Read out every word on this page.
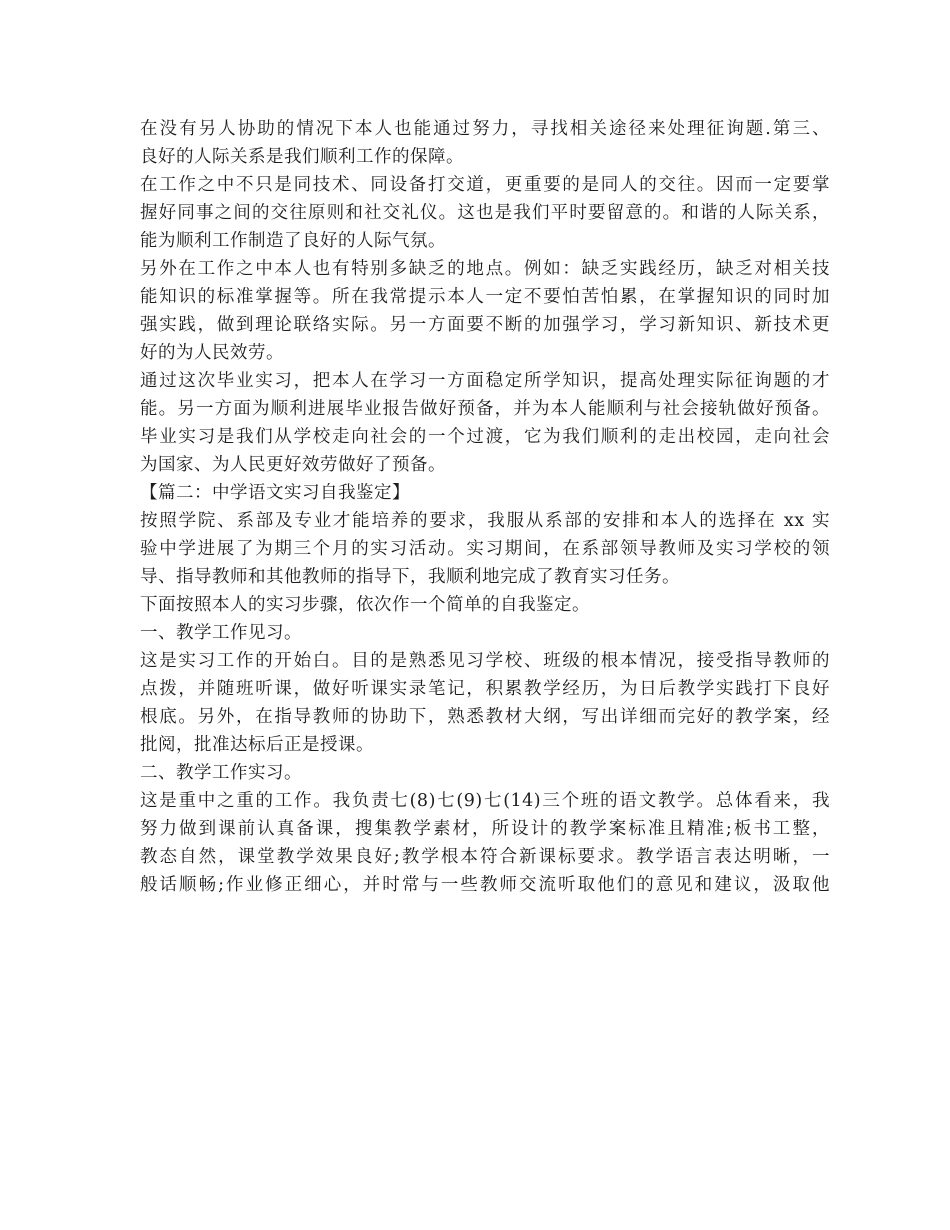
在没有另人协助的情况下本人也能通过努力，寻找相关途径来处理征询题.第三、
良好的人际关系是我们顺利工作的保障。
在工作之中不只是同技术、同设备打交道，更重要的是同人的交往。因而一定要掌
握好同事之间的交往原则和社交礼仪。这也是我们平时要留意的。和谐的人际关系，
能为顺利工作制造了良好的人际气氛。
另外在工作之中本人也有特别多缺乏的地点。例如：缺乏实践经历，缺乏对相关技
能知识的标准掌握等。所在我常提示本人一定不要怕苦怕累，在掌握知识的同时加
强实践，做到理论联络实际。另一方面要不断的加强学习，学习新知识、新技术更
好的为人民效劳。
通过这次毕业实习，把本人在学习一方面稳定所学知识，提高处理实际征询题的才
能。另一方面为顺利进展毕业报告做好预备，并为本人能顺利与社会接轨做好预备。
毕业实习是我们从学校走向社会的一个过渡，它为我们顺利的走出校园，走向社会
为国家、为人民更好效劳做好了预备。
【篇二：中学语文实习自我鉴定】
按照学院、系部及专业才能培养的要求，我服从系部的安排和本人的选择在 xx 实
验中学进展了为期三个月的实习活动。实习期间，在系部领导教师及实习学校的领
导、指导教师和其他教师的指导下，我顺利地完成了教育实习任务。
下面按照本人的实习步骤，依次作一个简单的自我鉴定。
一、教学工作见习。
这是实习工作的开始白。目的是熟悉见习学校、班级的根本情况，接受指导教师的
点拨，并随班听课，做好听课实录笔记，积累教学经历，为日后教学实践打下良好
根底。另外，在指导教师的协助下，熟悉教材大纲，写出详细而完好的教学案，经
批阅，批准达标后正是授课。
二、教学工作实习。
这是重中之重的工作。我负责七(8)七(9)七(14)三个班的语文教学。总体看来，我
努力做到课前认真备课，搜集教学素材，所设计的教学案标准且精准;板书工整，
教态自然，课堂教学效果良好;教学根本符合新课标要求。教学语言表达明晰，一
般话顺畅;作业修正细心，并时常与一些教师交流听取他们的意见和建议，汲取他
